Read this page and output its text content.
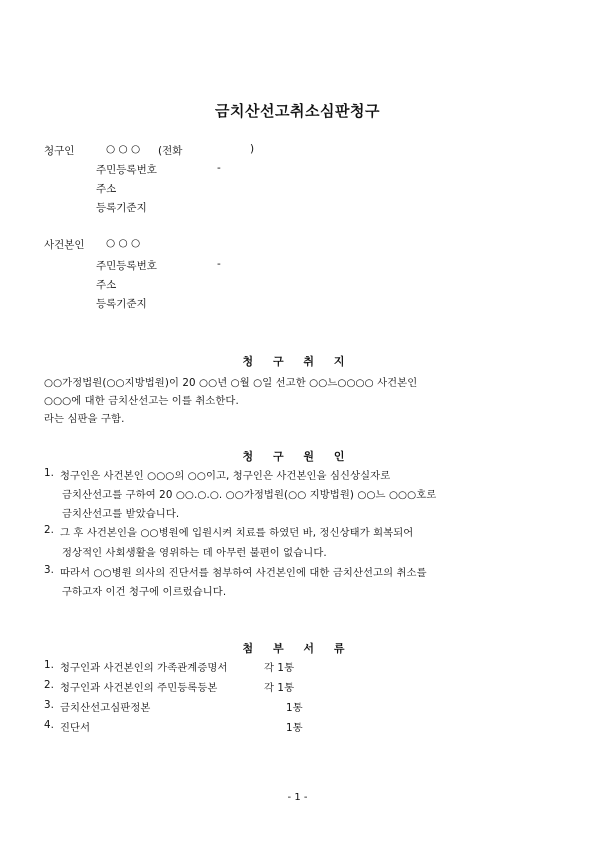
금치산선고취소심판청구
청구인	○ ○ ○ (전화	)
주민등록번호	-
주소
등록기준지
사건본인 ○ ○ ○
주민등록번호	-
주소
등록기준지
청 구 취 지
○○가정법원(○○지방법원)이 20 ○○년 ○월 ○일 선고한 ○○느○○○○ 사건본인
○○○에 대한 금치산선고는 이를 취소한다.
라는 심판을 구함.
청 구 원 인
1. 청구인은 사건본인 ○○○의 ○○이고, 청구인은 사건본인을 심신상실자로
금치산선고를 구하여 20 ○○.○.○. ○○가정법원(○○ 지방법원) ○○느 ○○○호로
금치산선고를 받았습니다.
2. 그 후 사건본인을 ○○병원에 입원시켜 치료를 하였던 바, 정신상태가 회복되어
정상적인 사회생활을 영위하는 데 아무런 불편이 없습니다.
3. 따라서 ○○병원 의사의 진단서를 첨부하여 사건본인에 대한 금치산선고의 취소를
구하고자 이건 청구에 이르렀습니다.
첨 부 서 류
1. 청구인과 사건본인의 가족관계증명서	각 1통
2. 청구인과 사건본인의 주민등록등본	각 1통
3. 금치산선고심판정본	1통
4. 진단서	1통
- 1 -
